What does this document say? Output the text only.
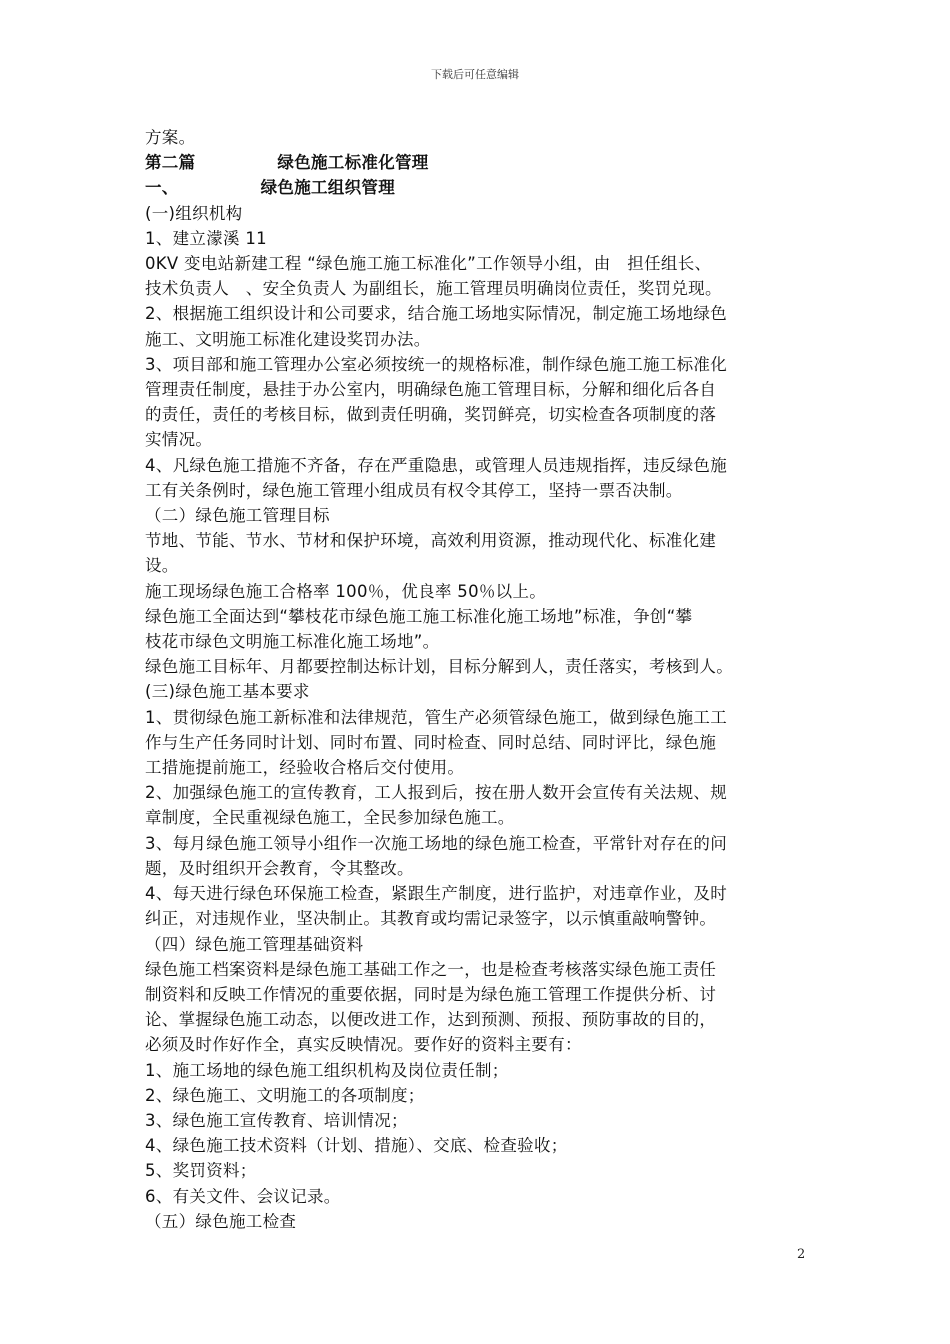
下载后可任意编辑
方案。
第二篇	绿色施工标准化管理
一、	绿色施工组织管理
(一)组织机构
1、建立濛溪 11
0KV 变电站新建工程 “绿色施工施工标准化”工作领导小组，由　担任组长、
技术负责人　、安全负责人 为副组长，施工管理员明确岗位责任，奖罚兑现。
2、根据施工组织设计和公司要求，结合施工场地实际情况，制定施工场地绿色
施工、文明施工标准化建设奖罚办法。
3、项目部和施工管理办公室必须按统一的规格标准，制作绿色施工施工标准化
管理责任制度，悬挂于办公室内，明确绿色施工管理目标，分解和细化后各自
的责任，责任的考核目标，做到责任明确，奖罚鲜亮，切实检查各项制度的落
实情况。
4、凡绿色施工措施不齐备，存在严重隐患，或管理人员违规指挥，违反绿色施
工有关条例时，绿色施工管理小组成员有权令其停工，坚持一票否决制。
（二）绿色施工管理目标
节地、节能、节水、节材和保护环境，高效利用资源，推动现代化、标准化建
设。
施工现场绿色施工合格率 100％，优良率 50％以上。
绿色施工全面达到“攀枝花市绿色施工施工标准化施工场地”标准，争创“攀
枝花市绿色文明施工标准化施工场地”。
绿色施工目标年、月都要控制达标计划，目标分解到人，责任落实，考核到人。
(三)绿色施工基本要求
1、贯彻绿色施工新标准和法律规范，管生产必须管绿色施工，做到绿色施工工
作与生产任务同时计划、同时布置、同时检查、同时总结、同时评比，绿色施
工措施提前施工，经验收合格后交付使用。
2、加强绿色施工的宣传教育，工人报到后，按在册人数开会宣传有关法规、规
章制度，全民重视绿色施工，全民参加绿色施工。
3、每月绿色施工领导小组作一次施工场地的绿色施工检查，平常针对存在的问
题，及时组织开会教育，令其整改。
4、每天进行绿色环保施工检查，紧跟生产制度，进行监护，对违章作业，及时
纠正，对违规作业，坚决制止。其教育或均需记录签字，以示慎重敲响警钟。
（四）绿色施工管理基础资料
绿色施工档案资料是绿色施工基础工作之一，也是检查考核落实绿色施工责任
制资料和反映工作情况的重要依据，同时是为绿色施工管理工作提供分析、讨
论、掌握绿色施工动态，以便改进工作，达到预测、预报、预防事故的目的，
必须及时作好作全，真实反映情况。要作好的资料主要有：
1、施工场地的绿色施工组织机构及岗位责任制；
2、绿色施工、文明施工的各项制度；
3、绿色施工宣传教育、培训情况；
4、绿色施工技术资料（计划、措施）、交底、检查验收；
5、奖罚资料；
6、有关文件、会议记录。
（五）绿色施工检查
2
